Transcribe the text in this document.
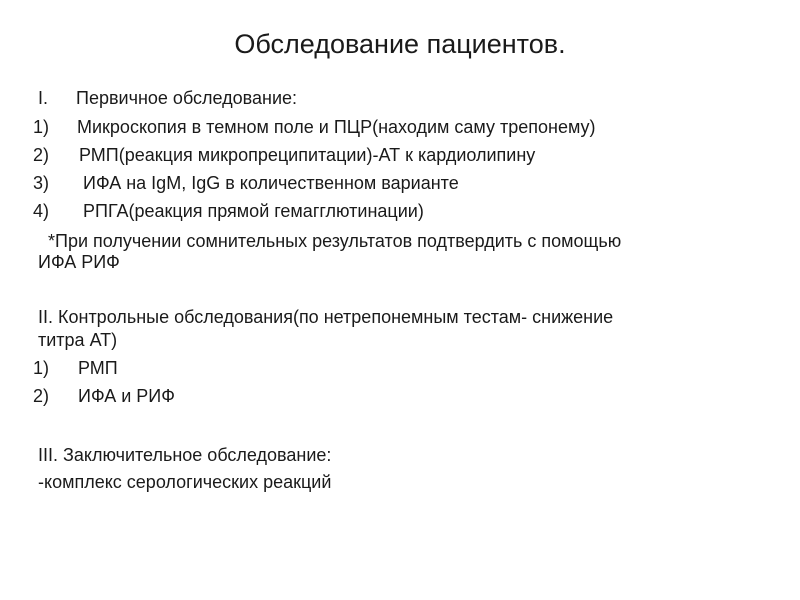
Обследование пациентов.
I. Первичное обследование:
1) Микроскопия в темном поле и ПЦР(находим саму трепонему)
2) РМП(реакция микропреципитации)-АТ к кардиолипину
3) ИФА на IgM, IgG в количественном варианте
4) РПГА(реакция прямой гемагглютинации)
*При получении сомнительных результатов подтвердить с помощью
ИФА РИФ
II. Контрольные обследования(по нетрепонемным тестам- снижение
титра АТ)
1) РМП
2) ИФА и РИФ
III. Заключительное обследование:
-комплекс серологических реакций
